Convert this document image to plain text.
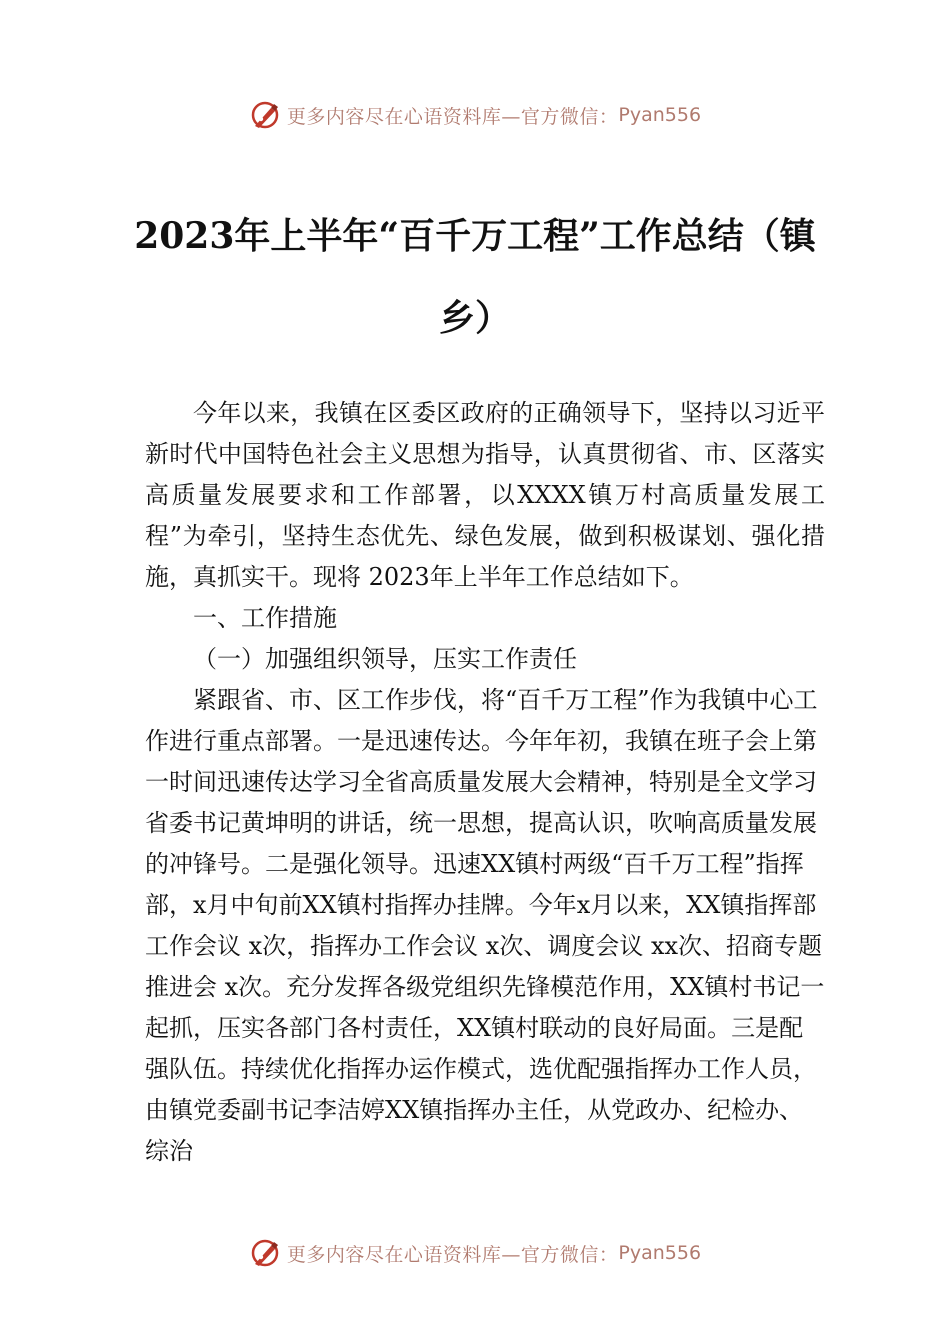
更多内容尽在心语资料库—官方微信： Pyan556
2023年上半年“百千万工程”工作总结（镇乡）

今年以来，我镇在区委区政府的正确领导下，坚持以习近平新时代中国特色社会主义思想为指导，认真贯彻省、市、区落实高质量发展要求和工作部署，以XXXX镇万村高质量发展工程”为牵引，坚持生态优先、绿色发展，做到积极谋划、强化措施，真抓实干。现将 2023年上半年工作总结如下。

一、工作措施

（一）加强组织领导，压实工作责任

紧跟省、市、区工作步伐，将“百千万工程”作为我镇中心工作进行重点部署。一是迅速传达。今年年初，我镇在班子会上第一时间迅速传达学习全省高质量发展大会精神，特别是全文学习省委书记黄坤明的讲话，统一思想，提高认识，吹响高质量发展的冲锋号。二是强化领导。迅速XX镇村两级“百千万工程”指挥部，x月中旬前XX镇村指挥办挂牌。今年x月以来，XX镇指挥部工作会议 x次，指挥办工作会议 x次、调度会议 xx次、招商专题推进会 x次。充分发挥各级党组织先锋模范作用，XX镇村书记一起抓，压实各部门各村责任，XX镇村联动的良好局面。三是配强队伍。持续优化指挥办运作模式，选优配强指挥办工作人员，由镇党委副书记李洁婷XX镇指挥办主任，从党政办、纪检办、综治

更多内容尽在心语资料库—官方微信： Pyan556
